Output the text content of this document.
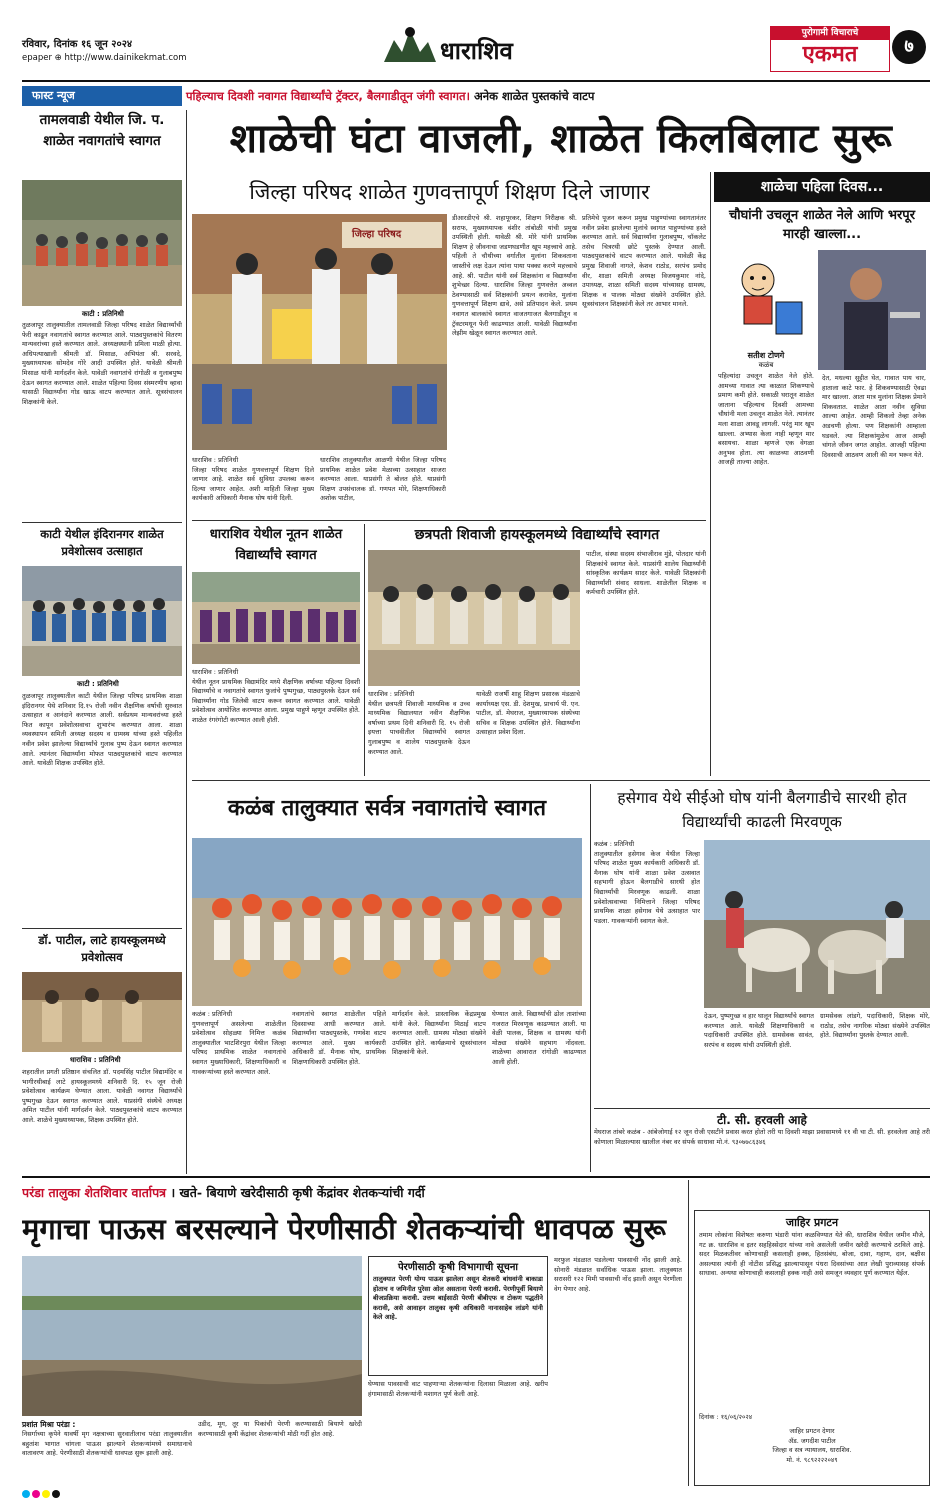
रविवार, दिनांक १६ जून २०२४
epaper ⊕ http://www.dainikekmat.com	धाराशिव
पुरोगामी विचाराचे
एकमत	७
फास्ट न्यूज	पहिल्याच दिवशी नवागत विद्यार्थ्यांचे ट्रॅक्टर, बैलगाडीतून जंगी स्वागत। अनेक शाळेत पुस्तकांचे वाटप
तामलवाडी येथील जि. प. शाळेत नवागतांचे स्वागत
काटी : प्रतिनिधी
तुळजापूर तालुक्यातील तामलवाडी जिल्हा परिषद शाळेत विद्यार्थ्यांची फेरी काढून नवागतांचे स्वागत करण्यात आले. पाठ्यपुस्तकांचे वितरण मान्यवरांच्या हस्ते करण्यात आले. अध्यक्षस्थानी प्रमिला माळी होत्या. अधिपत्याखाली श्रीमती डॉ. मिसाळ, अभियंता श्री. सरवदे, मुख्याध्यापक सोमदेव गोरे आदी उपस्थित होते. यावेळी श्रीमती मिसाळ यांनी मार्गदर्शन केले. यावेळी नवागतांचे रांगोळी व गुलाबपुष्प देऊन स्वागत करण्यात आले. शाळेत पहिल्या दिवस संस्मरणीय व्हावा यासाठी विद्यार्थ्यांना गोड खाऊ वाटप करण्यात आले. सूत्रसंचालन शिक्षकांनी केले.
काटी येथील इंदिरानगर शाळेत प्रवेशोत्सव उत्साहात
काटी : प्रतिनिधी
तुळजापूर तालुक्यातील काटी येथील जिल्हा परिषद प्राथमिक शाळा इंदिरानगर येथे शनिवार दि.१५ रोजी नवीन शैक्षणिक वर्षाची सुरुवात उत्साहात व आनंदाने करण्यात आली. सर्वप्रथम मान्यवरांच्या हस्ते फित कापून प्रवेशोत्सवाचा शुभारंभ करण्यात आला. शाळा व्यवस्थापन समिती अध्यक्ष सदस्य व ग्रामस्थ यांच्या हस्ते पहिलीत नवीन प्रवेश झालेल्या विद्यार्थ्यांचे गुलाब पुष्प देऊन स्वागत करण्यात आले. त्यानंतर विद्यार्थ्यांना मोफत पाठ्यपुस्तकांचे वाटप करण्यात आले. यावेळी शिक्षक उपस्थित होते.
डॉ. पाटील, लाटे हायस्कूलमध्ये प्रवेशोत्सव
धाराशिव : प्रतिनिधी
शहरातील प्रगती प्रतिष्ठान संचलित डॉ. पदमसिंह पाटील विद्यामंदिर व भागीरथीबाई लाटे हायस्कूलमध्ये शनिवारी दि. १५ जून रोजी प्रवेशोत्सव कार्यक्रम घेण्यात आला. यावेळी नवागत विद्यार्थ्यांचे पुष्पगुच्छ देऊन स्वागत करण्यात आले. याप्रसंगी संस्थेचे अध्यक्ष अमित पाटील यांनी मार्गदर्शन केले. पाठ्यपुस्तकांचे वाटप करण्यात आले. शाळेचे मुख्याध्यापक, शिक्षक उपस्थित होते.
शाळेची घंटा वाजली, शाळेत किलबिलाट सुरू
जिल्हा परिषद शाळेत गुणवत्तापूर्ण शिक्षण दिले जाणार
जिल्हा परिषद
धाराशिव : प्रतिनिधी
जिल्हा परिषद शाळेत गुणवत्तापूर्ण शिक्षण दिले जाणार आहे. शाळेत सर्व सुविधा उपलब्ध करून दिल्या जाणार आहेत. अशी माहिती जिल्हा मुख्य कार्यकारी अधिकारी मैनाक घोष यांनी दिली.
धाराशिव तालुक्यातील आळणी येथील जिल्हा परिषद प्राथमिक शाळेत प्रवेश मेळाव्या उत्साहात साजरा करण्यात आला. याप्रसंगी ते बोलत होते. याप्रसंगी शिक्षण उपसंचालक डॉ. गणपत मोरे, शिक्षणाधिकारी अशोक पाटील,
डीआरडीएचे श्री. शहापूरकर, शिक्षण निरीक्षक श्री. सराफ, मुख्याध्यापक वंशीर तांबोळी यांची प्रमुख उपस्थिती होती. यावेळी श्री. मोरे यांनी प्राथमिक शिक्षण हे जीवनाचा जडणघडणीत खूप महत्त्वाचे आहे. पहिली ते चौथीच्या वर्गातील मुलांना शिकवताना जास्तीचे लक्ष देऊन त्यांना पाया पक्का करणे महत्त्वाचे आहे. श्री. पाटील यांनी सर्व शिक्षकांना व विद्यार्थ्यांना शुभेच्छा दिल्या. धाराशिव जिल्हा गुणवत्तेत अव्वल ठेवण्यासाठी सर्व शिक्षकांनी प्रयत्न करावेत, मुलांना गुणवत्तापूर्ण शिक्षण द्यावे, असे प्रतिपादन केले. प्रथम नवागत बालकांचे स्वागत वाजतगाजत बैलगाडीतून व ट्रॅक्टरमधून फेरी काढण्यात आली. यावेळी विद्यार्थ्यांना लेझीम खेळून स्वागत करण्यात आले.
प्रतिमेचे पूजन करून प्रमुख पाहुण्यांच्या स्वागतानंतर नवीन प्रवेश झालेल्या मुलांचे स्वागत पाहुण्यांच्या हस्ते करण्यात आले. सर्व विद्यार्थ्यांना गुलाबपुष्प, चॉकलेट तसेच चित्ररथी छोटे पुस्तके देण्यात आली. पाठ्यपुस्तकांचे वाटप करण्यात आले. यावेळी केंद्र प्रमुख शिवाजी नागले, केशव राठोड, सरपंच प्रमोद वीर, शाळा समिती अध्यक्ष विजयकुमार नांदे, उपाध्यक्ष, शाळा समिती सदस्य यांच्यासह ग्रामस्थ, शिक्षक व पालक मोठ्या संख्येने उपस्थित होते. सूत्रसंचालन शिक्षकांनी केले तर आभार मानले.
धाराशिव येथील नूतन शाळेत विद्यार्थ्यांचे स्वागत
धाराशिव : प्रतिनिधी
येथील नूतन प्राथमिक विद्यामंदिर मध्ये शैक्षणिक वर्षाच्या पहिल्या दिवशी विद्यार्थ्यांचे व नवागतांचे स्वागत फुलांचे पुष्पगुच्छ, पाठ्यपुस्तके देऊन सर्व विद्यार्थ्यांना गोड जिलेबी वाटप करून स्वागत करण्यात आले. यावेळी प्रवेशोत्सव आयोजित करण्यात आला. प्रमुख पाहुणे म्हणून उपस्थित होते. शाळेत रंगरंगोटी करण्यात आली होती.
छत्रपती शिवाजी हायस्कूलमध्ये विद्यार्थ्यांचे स्वागत
धाराशिव : प्रतिनिधी
येथील छत्रपती शिवाजी माध्यमिक व उच्च माध्यमिक विद्यालयात नवीन शैक्षणिक वर्षाच्या प्रथम दिनी शनिवारी दि. १५ रोजी इयत्ता पाचवीतील विद्यार्थ्यांचे स्वागत गुलाबपुष्प व शालेय पाठ्यपुस्तके देऊन करण्यात आले.
यावेळी राजर्षी शाहू शिक्षण प्रसारक मंडळाचे कार्याध्यक्ष एस. डी. देशमुख, प्राचार्य पी. एन. पाटील, डॉ. मेघराज, मुख्याध्यापक संस्थेच्या सचिव व शिक्षक उपस्थित होते. विद्यार्थ्यांना उत्साहात प्रवेश दिला.
पाटील, संस्था सदस्य संभाजीराव मुंडे, पोतदार यांनी शिक्षकांचे स्वागत केले. याप्रसंगी शालेय विद्यार्थ्यांनी सांस्कृतिक कार्यक्रम सादर केले. यावेळी शिक्षकांनी विद्यार्थ्यांशी संवाद साधला. शाळेतील शिक्षक व कर्मचारी उपस्थित होते.
शाळेचा पहिला दिवस...
चौघांनी उचलून शाळेत नेले आणि भरपूर मारही खाल्ला...
सतीश टोणगे
कळंब
पहिल्यांदा उचलून शाळेत नेले होते. आमच्या गावात त्या काळात शिकण्याचे प्रमाण कमी होते. सकाळी घरातून शाळेत जाताना पहिल्याच दिवशी आमच्या चौघांनी मला उचलून शाळेत नेले. त्यानंतर मला शाळा आवडू लागली. परंतु मार खूप खाल्ला. अभ्यास केला नाही म्हणून मार बसायचा. शाळा म्हणजे एक वेगळा अनुभव होता. त्या काळच्या आठवणी आजही ताज्या आहेत.
देत, मधल्या सुट्टीत घेत, गावात पाय चार, हाताला काटे फार. हे शिकवण्यासाठी ऐवढा मार खाल्ला. आता मात्र मुलांना शिक्षक प्रेमाने शिकवतात. शाळेत आता नवीन सुविधा आल्या आहेत. आम्ही शिकलो तेव्हा अनेक अडचणी होत्या. पण शिक्षकांनी आम्हाला घडवले. त्या शिक्षकांमुळेच आज आम्ही चांगले जीवन जगत आहोत. आजही पहिल्या दिवसाची आठवण आली की मन भरून येते.
कळंब तालुक्यात सर्वत्र नवागतांचे स्वागत
कळंब : प्रतिनिधी
गुणवत्तापूर्ण असलेल्या शाळेतील प्रवेशोत्सव सोहळ्या निमित्त कळंब तालुक्यातील भाटशिरपुरा येथील जिल्हा परिषद प्राथमिक शाळेत नवागतांचे स्वागत मुख्याधिकारी, शिक्षणाधिकारी व गावकऱ्यांच्या हस्ते करण्यात आले.
नवागतांचे स्वागत शाळेतील पहिले दिवसाच्या आधी करण्यात आले. विद्यार्थ्यांना पाठ्यपुस्तके, गणवेश वाटप करण्यात आले. मुख्य कार्यकारी अधिकारी डॉ. मैनाक घोष, प्राथमिक शिक्षणाधिकारी उपस्थित होते.
मार्गदर्शन केले. प्रास्ताविक केंद्रप्रमुख यांनी केले. विद्यार्थ्यांना मिठाई वाटप करण्यात आली. ग्रामस्थ मोठ्या संख्येने उपस्थित होते. कार्यक्रमाचे सूत्रसंचालन शिक्षकांनी केले.
घेण्यात आले. विद्यार्थ्यांची ढोल ताशांच्या गजरात मिरवणूक काढण्यात आली. या वेळी पालक, शिक्षक व ग्रामस्थ यांनी मोठ्या संख्येने सहभाग नोंदवला. शाळेच्या आवारात रांगोळी काढण्यात आली होती.
हसेगाव येथे सीईओ घोष यांनी बैलगाडीचे सारथी होत विद्यार्थ्यांची काढली मिरवणूक
कळंब : प्रतिनिधी
तालुक्यातील हसेगाव केज येथील जिल्हा परिषद शाळेत मुख्य कार्यकारी अधिकारी डॉ. मैनाक घोष यांनी शाळा प्रवेश उत्सवात सहभागी होऊन बैलगाडीचे सारथी होत विद्यार्थ्यांची मिरवणूक काढली. शाळा प्रवेशोत्सवाच्या निमित्ताने जिल्हा परिषद प्राथमिक शाळा हसेगाव येथे उत्साहात पार पडला. गावकऱ्यांनी स्वागत केले.
देऊन, पुष्पगुच्छ व हार घालून विद्यार्थ्यांचे स्वागत करण्यात आले. यावेळी शिक्षणाधिकारी व पदाधिकारी उपस्थित होते. ग्रामसेवक सावंत, सरपंच व सदस्य यांची उपस्थिती होती.
ग्रामसेवक लांडगे, पदाधिकारी, शिक्षक मोरे, राठोड, तसेच नागरिक मोठ्या संख्येने उपस्थित होते. विद्यार्थ्यांना पुस्तके देण्यात आली.
टी. सी. हरवली आहे
मेघराज तांबरे कळंब - आंबेजोगाई १२ जून रोजी एसटीने प्रवास करत होतो तरी या दिवशी माझा प्रवासामध्ये ११ वी चा टी. सी. हरवलेला आहे तरी कोणाला मिळाल्यास खालील नंबर वर संपर्क साधावा मो.नं. ९३०७७८६३४६
परंडा तालुका शेतशिवार वार्तापत्र । खते- बियाणे खरेदीसाठी कृषी केंद्रांवर शेतकऱ्यांची गर्दी
मृगाचा पाऊस बरसल्याने पेरणीसाठी शेतकऱ्यांची धावपळ सुरू
प्रशांत मिश्रा परंडा :
निसर्गाच्या कृपेने यावर्षी मृग नक्षत्राच्या सुरवातीलाच परंडा तालुक्यातील बहुतांश भागात चांगला पाऊस झाल्याने शेतकऱ्यांमध्ये समाधानाचे वातावरण आहे. पेरणीसाठी शेतकऱ्यांची धावपळ सुरू झाली आहे.
उडीद, मूग, तूर या पिकांची पेरणी करण्यासाठी बियाणे खरेदी करण्यासाठी कृषी केंद्रांवर शेतकऱ्यांची मोठी गर्दी होत आहे.
पेरणीसाठी कृषी विभागाची सूचना
तालुक्यात पेरणी योग्य पाऊस झालेला असून शेतकरी बांधवांनी बाकाडा होताच व जमिनीत पुरेसा ओल असताना पेरणी करावी. पेरणीपूर्वी बियाणे बीजप्रक्रिया करावी. उत्तम बाईसाठी पेरणी बीबीएफ व टोकण पद्धतीने करावी, असे आवाहन तालुका कृषी अधिकारी नानासाहेब लांडगे यांनी केले आहे.
घेण्यास पावसाची वाट पाहणाऱ्या शेतकऱ्यांना दिलासा मिळाला आहे. खरीप हंगामासाठी शेतकऱ्यांनी मशागत पूर्ण केली आहे.
मरफुल मंडळात पडलेल्या पावसाची नोंद झाली आहे. सोनारी मंडळात सर्वाधिक पाऊस झाला. तालुक्यात सरासरी १२२ मिमी पावसाची नोंद झाली असून पेरणीला वेग येणार आहे.
जाहिर प्रगटन
तमाम लोकांना विशेषतः करुणा भंडारी यांना कळविण्यात येते की, धाराशिव येथील जमीन मौजे, गट क्र. धाराशिव व इतर सहहिस्सेदार यांच्या नावे असलेली जमीन खरेदी करण्याचे ठरविले आहे. सदर मिळकतीवर कोणाचाही कसलाही हक्क, हितसंबंध, बोजा, दावा, गहाण, दान, बक्षीस असल्यास त्यांनी ही नोटीस प्रसिद्ध झाल्यापासून पंधरा दिवसांच्या आत लेखी पुराव्यासह संपर्क साधावा. अन्यथा कोणाचाही कसलाही हक्क नाही असे समजून व्यवहार पूर्ण करण्यात येईल.
दिनांक : १६/०६/२०२४
जाहिर प्रगटन देणार
ॲड. जगदीश पाटील
जिल्हा व सत्र न्यायालय, धाराशिव.
मो. नं. ९८९२२२२०४९
